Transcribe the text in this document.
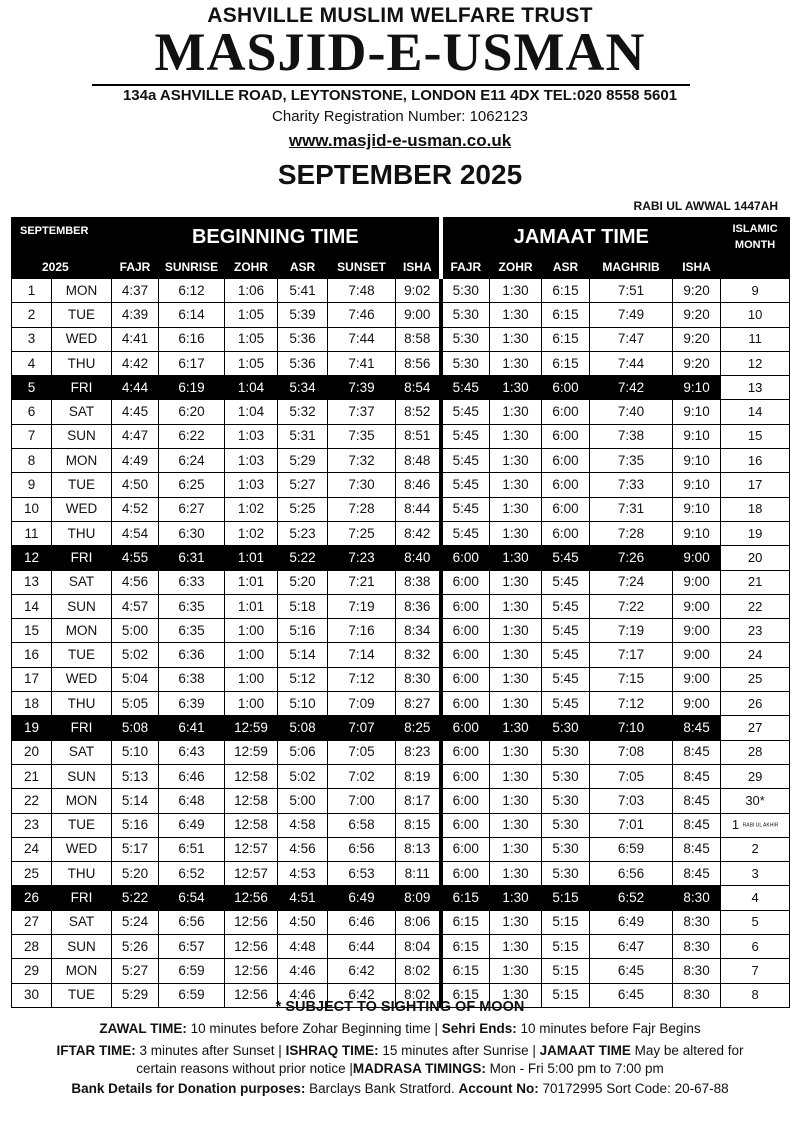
ASHVILLE MUSLIM WELFARE TRUST
MASJID-E-USMAN
134a ASHVILLE ROAD, LEYTONSTONE, LONDON E11 4DX TEL:020 8558 5601
Charity Registration Number: 1062123
www.masjid-e-usman.co.uk
SEPTEMBER 2025
RABI UL AWWAL 1447AH
SEPTEMBER		BEGINNING TIME						JAMAAT TIME					ISLAMIC MONTH
2025		FAJR	SUNRISE	ZOHR	ASR	SUNSET	ISHA	FAJR	ZOHR	ASR	MAGHRIB	ISHA	
1	MON	4:37	6:12	1:06	5:41	7:48	9:02	5:30	1:30	6:15	7:51	9:20	9
2	TUE	4:39	6:14	1:05	5:39	7:46	9:00	5:30	1:30	6:15	7:49	9:20	10
3	WED	4:41	6:16	1:05	5:36	7:44	8:58	5:30	1:30	6:15	7:47	9:20	11
4	THU	4:42	6:17	1:05	5:36	7:41	8:56	5:30	1:30	6:15	7:44	9:20	12
5	FRI	4:44	6:19	1:04	5:34	7:39	8:54	5:45	1:30	6:00	7:42	9:10	13
6	SAT	4:45	6:20	1:04	5:32	7:37	8:52	5:45	1:30	6:00	7:40	9:10	14
7	SUN	4:47	6:22	1:03	5:31	7:35	8:51	5:45	1:30	6:00	7:38	9:10	15
8	MON	4:49	6:24	1:03	5:29	7:32	8:48	5:45	1:30	6:00	7:35	9:10	16
9	TUE	4:50	6:25	1:03	5:27	7:30	8:46	5:45	1:30	6:00	7:33	9:10	17
10	WED	4:52	6:27	1:02	5:25	7:28	8:44	5:45	1:30	6:00	7:31	9:10	18
11	THU	4:54	6:30	1:02	5:23	7:25	8:42	5:45	1:30	6:00	7:28	9:10	19
12	FRI	4:55	6:31	1:01	5:22	7:23	8:40	6:00	1:30	5:45	7:26	9:00	20
13	SAT	4:56	6:33	1:01	5:20	7:21	8:38	6:00	1:30	5:45	7:24	9:00	21
14	SUN	4:57	6:35	1:01	5:18	7:19	8:36	6:00	1:30	5:45	7:22	9:00	22
15	MON	5:00	6:35	1:00	5:16	7:16	8:34	6:00	1:30	5:45	7:19	9:00	23
16	TUE	5:02	6:36	1:00	5:14	7:14	8:32	6:00	1:30	5:45	7:17	9:00	24
17	WED	5:04	6:38	1:00	5:12	7:12	8:30	6:00	1:30	5:45	7:15	9:00	25
18	THU	5:05	6:39	1:00	5:10	7:09	8:27	6:00	1:30	5:45	7:12	9:00	26
19	FRI	5:08	6:41	12:59	5:08	7:07	8:25	6:00	1:30	5:30	7:10	8:45	27
20	SAT	5:10	6:43	12:59	5:06	7:05	8:23	6:00	1:30	5:30	7:08	8:45	28
21	SUN	5:13	6:46	12:58	5:02	7:02	8:19	6:00	1:30	5:30	7:05	8:45	29
22	MON	5:14	6:48	12:58	5:00	7:00	8:17	6:00	1:30	5:30	7:03	8:45	30*
23	TUE	5:16	6:49	12:58	4:58	6:58	8:15	6:00	1:30	5:30	7:01	8:45	1 RABI UL AKHIR
24	WED	5:17	6:51	12:57	4:56	6:56	8:13	6:00	1:30	5:30	6:59	8:45	2
25	THU	5:20	6:52	12:57	4:53	6:53	8:11	6:00	1:30	5:30	6:56	8:45	3
26	FRI	5:22	6:54	12:56	4:51	6:49	8:09	6:15	1:30	5:15	6:52	8:30	4
27	SAT	5:24	6:56	12:56	4:50	6:46	8:06	6:15	1:30	5:15	6:49	8:30	5
28	SUN	5:26	6:57	12:56	4:48	6:44	8:04	6:15	1:30	5:15	6:47	8:30	6
29	MON	5:27	6:59	12:56	4:46	6:42	8:02	6:15	1:30	5:15	6:45	8:30	7
30	TUE	5:29	6:59	12:56	4:46	6:42	8:02	6:15	1:30	5:15	6:45	8:30	8
* SUBJECT TO SIGHTING OF MOON
ZAWAL TIME: 10 minutes before Zohar Beginning time | Sehri Ends: 10 minutes before Fajr Begins
IFTAR TIME: 3 minutes after Sunset | ISHRAQ TIME: 15 minutes after Sunrise | JAMAAT TIME May be altered for
certain reasons without prior notice |MADRASA TIMINGS: Mon - Fri 5:00 pm to 7:00 pm
Bank Details for Donation purposes: Barclays Bank Stratford. Account No: 70172995 Sort Code: 20-67-88
